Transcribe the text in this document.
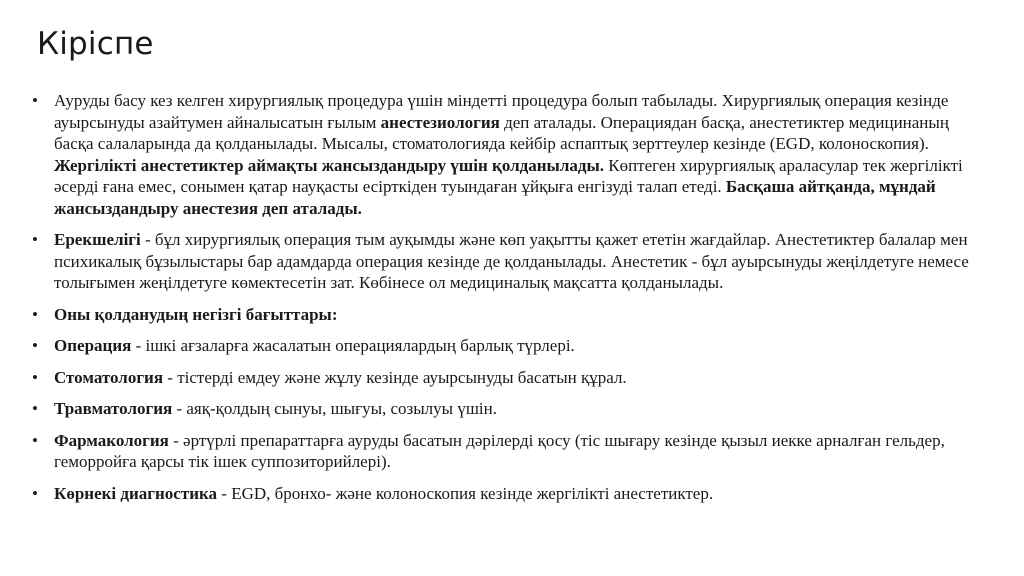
Кіріспе
• Ауруды басу кез келген хирургиялық процедура үшін міндетті процедура болып табылады. Хирургиялық операция кезінде ауырсынуды азайтумен айналысатын ғылым анестезиология деп аталады. Операциядан басқа, анестетиктер медицинаның басқа салаларында да қолданылады. Мысалы, стоматологияда кейбір аспаптық зерттеулер кезінде (EGD, колоноскопия). Жергілікті анестетиктер аймақты жансыздандыру үшін қолданылады. Көптеген хирургиялық араласулар тек жергілікті әсерді ғана емес, сонымен қатар науқасты есірткіден туындаған ұйқыға енгізуді талап етеді. Басқаша айтқанда, мұндай жансыздандыру анестезия деп аталады.
• Ерекшелігі - бұл хирургиялық операция тым ауқымды және көп уақытты қажет ететін жағдайлар. Анестетиктер балалар мен психикалық бұзылыстары бар адамдарда операция кезінде де қолданылады. Анестетик - бұл ауырсынуды жеңілдетуге немесе толығымен жеңілдетуге көмектесетін зат. Көбінесе ол медициналық мақсатта қолданылады.
• Оны қолданудың негізгі бағыттары:
• Операция - ішкі ағзаларға жасалатын операциялардың барлық түрлері.
• Стоматология - тістерді емдеу және жұлу кезінде ауырсынуды басатын құрал.
• Травматология - аяқ-қолдың сынуы, шығуы, созылуы үшін.
• Фармакология - әртүрлі препараттарға ауруды басатын дәрілерді қосу (тіс шығару кезінде қызыл иекке арналған гельдер, геморройға қарсы тік ішек суппозиторийлері).
• Көрнекі диагностика - EGD, бронхо- және колоноскопия кезінде жергілікті анестетиктер.
